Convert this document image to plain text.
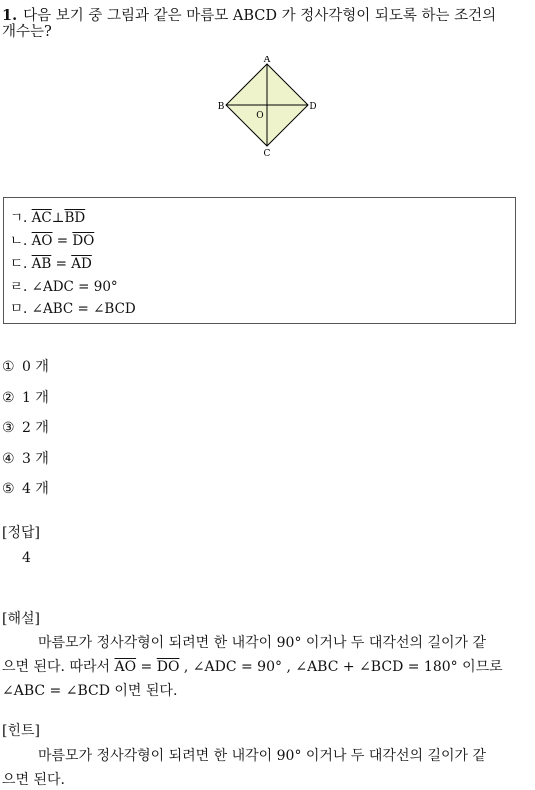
1. 다음 보기 중 그림과 같은 마름모 ABCD 가 정사각형이 되도록 하는 조건의
개수는?
A
B
C
D
O
ㄱ. $\overline{AC}\perp\overline{BD}$
ㄴ. $\overline{AO} = \overline{DO}$
ㄷ. $\overline{AB} = \overline{AD}$
ㄹ. ∠ADC = 90°
ㅁ. ∠ABC = ∠BCD
① 0 개
② 1 개
③ 2 개
④ 3 개
⑤ 4 개
[정답]
4
[해설]
마름모가 정사각형이 되려면 한 내각이 90° 이거나 두 대각선의 길이가 같
으면 된다. 따라서 $\overline{AO} = \overline{DO}$ , ∠ADC = 90° , ∠ABC + ∠BCD = 180° 이므로
∠ABC = ∠BCD 이면 된다.
[힌트]
마름모가 정사각형이 되려면 한 내각이 90° 이거나 두 대각선의 길이가 같
으면 된다.
